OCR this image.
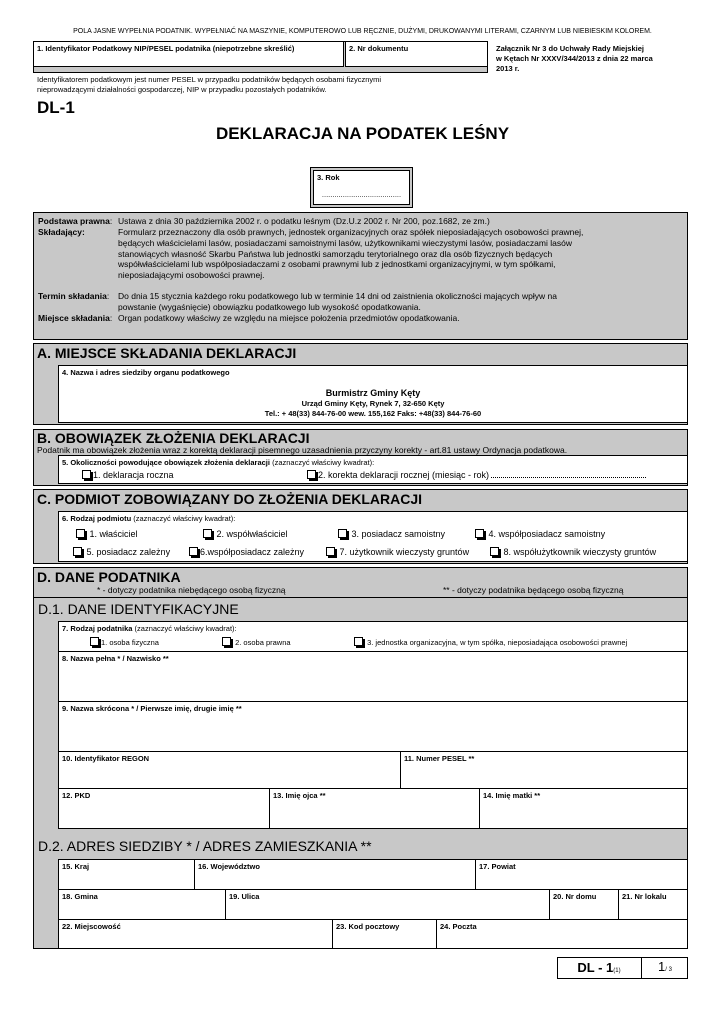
POLA JASNE WYPEŁNIA PODATNIK. WYPEŁNIAĆ NA MASZYNIE, KOMPUTEROWO LUB RĘCZNIE, DUŻYMI, DRUKOWANYMI LITERAMI, CZARNYM LUB NIEBIESKIM KOLOREM.
1. Identyfikator Podatkowy NIP/PESEL podatnika (niepotrzebne skreślić)	2. Nr dokumentu	Załącznik Nr 3 do Uchwały Rady Miejskiej
w Kętach Nr XXXV/344/2013 z dnia 22 marca
2013 r.
Identyfikatorem podatkowym jest numer PESEL w przypadku podatników będących osobami fizycznymi
nieprowadzącymi działalności gospodarczej, NIP w przypadku pozostałych podatników.
DL-1
DEKLARACJA NA PODATEK LEŚNY
3. Rok
......................................
Podstawa prawna: Ustawa z dnia 30 października 2002 r. o podatku leśnym (Dz.U.z 2002 r. Nr 200, poz.1682, ze zm.)
Składający:	Formularz przeznaczony dla osób prawnych, jednostek organizacyjnych oraz spółek nieposiadających osobowości prawnej,
będących właścicielami lasów, posiadaczami samoistnymi lasów, użytkownikami wieczystymi lasów, posiadaczami lasów
stanowiących własność Skarbu Państwa lub jednostki samorządu terytorialnego oraz dla osób fizycznych będących
współwłaścicielami lub współposiadaczami z osobami prawnymi lub z jednostkami organizacyjnymi, w tym spółkami,
nieposiadającymi osobowości prawnej.
Termin składania: Do dnia 15 stycznia każdego roku podatkowego lub w terminie 14 dni od zaistnienia okoliczności mających wpływ na
powstanie (wygaśnięcie) obowiązku podatkowego lub wysokość opodatkowania.
Miejsce składania: Organ podatkowy właściwy ze względu na miejsce położenia przedmiotów opodatkowania.
A. MIEJSCE SKŁADANIA DEKLARACJI
4. Nazwa i adres siedziby organu podatkowego
Burmistrz Gminy Kęty
Urząd Gminy Kęty, Rynek 7, 32-650 Kęty
Tel.: + 48(33) 844-76-00 wew. 155,162 Faks: +48(33) 844-76-60
B. OBOWIĄZEK ZŁOŻENIA DEKLARACJI
Podatnik ma obowiązek złożenia wraz z korektą deklaracji pisemnego uzasadnienia przyczyny korekty - art.81 ustawy Ordynacja podatkowa.
5. Okoliczności powodujące obowiązek złożenia deklaracji (zaznaczyć właściwy kwadrat):
1. deklaracja roczna	2. korekta deklaracji rocznej (miesiąc - rok)
C. PODMIOT ZOBOWIĄZANY DO ZŁOŻENIA DEKLARACJI
6. Rodzaj podmiotu (zaznaczyć właściwy kwadrat):
1. właściciel	2. współwłaściciel	3. posiadacz samoistny	4. współposiadacz samoistny
5. posiadacz zależny	6.współposiadacz zależny	7. użytkownik wieczysty gruntów	8. współużytkownik wieczysty gruntów
D. DANE PODATNIKA
* - dotyczy podatnika niebędącego osobą fizyczną	** - dotyczy podatnika będącego osobą fizyczną
D.1. DANE IDENTYFIKACYJNE
7. Rodzaj podatnika (zaznaczyć właściwy kwadrat):
1. osoba fizyczna	2. osoba prawna	3. jednostka organizacyjna, w tym spółka, nieposiadająca osobowości prawnej
8. Nazwa pełna * / Nazwisko **
9. Nazwa skrócona * / Pierwsze imię, drugie imię **
10. Identyfikator REGON	11. Numer PESEL **
12. PKD	13. Imię ojca **	14. Imię matki **
D.2. ADRES SIEDZIBY * / ADRES ZAMIESZKANIA **
15. Kraj	16. Województwo	17. Powiat
18. Gmina	19. Ulica	20. Nr domu	21. Nr lokalu
22. Miejscowość	23. Kod pocztowy	24. Poczta
DL - 1(1)	1/ 3
